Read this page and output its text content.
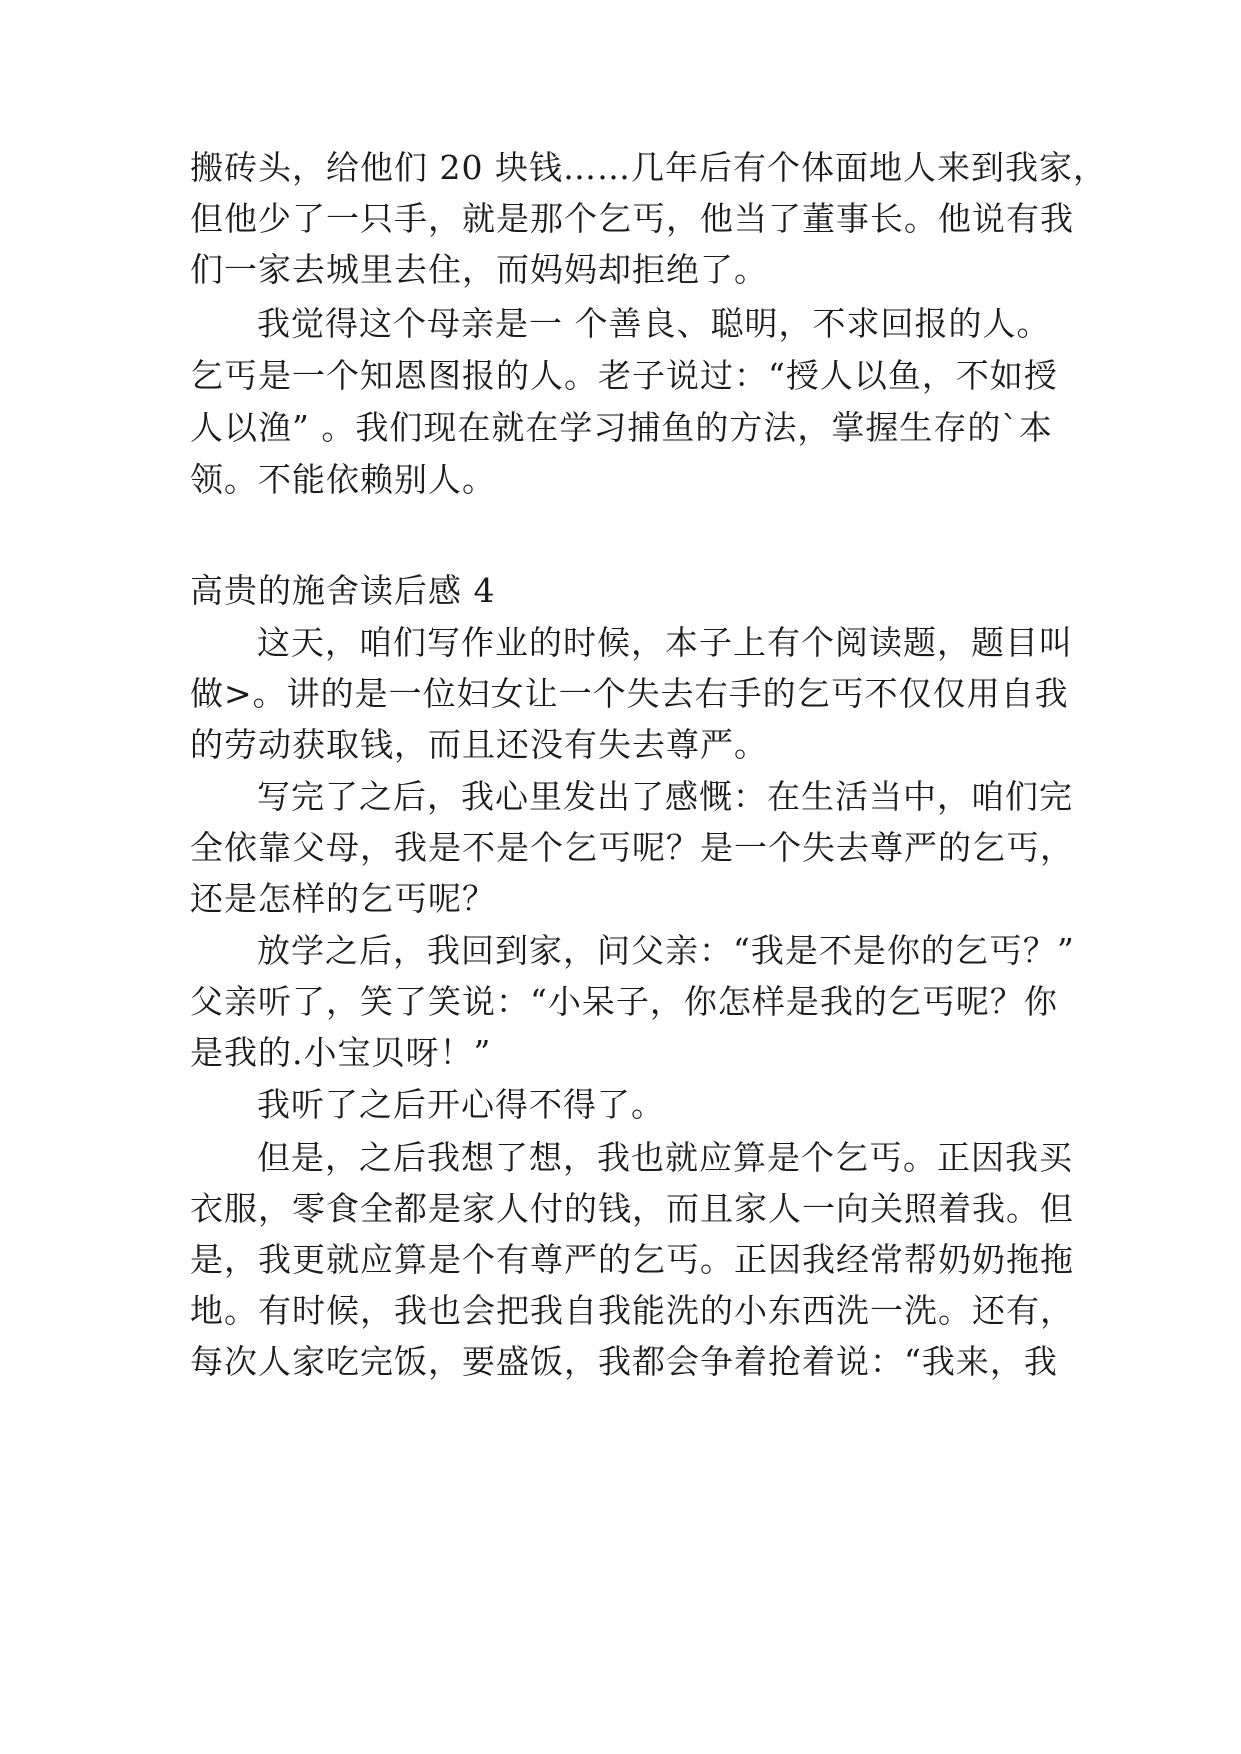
搬砖头，给他们 20 块钱……几年后有个体面地人来到我家，
但他少了一只手，就是那个乞丐，他当了董事长。他说有我
们一家去城里去住，而妈妈却拒绝了。
我觉得这个母亲是一 个善良、聪明，不求回报的人。
乞丐是一个知恩图报的人。老子说过：“授人以鱼，不如授
人以渔” 。我们现在就在学习捕鱼的方法，掌握生存的`本
领。不能依赖别人。
高贵的施舍读后感 4
这天，咱们写作业的时候，本子上有个阅读题，题目叫
做>。讲的是一位妇女让一个失去右手的乞丐不仅仅用自我
的劳动获取钱，而且还没有失去尊严。
写完了之后，我心里发出了感慨：在生活当中，咱们完
全依靠父母，我是不是个乞丐呢？是一个失去尊严的乞丐，
还是怎样的乞丐呢？
放学之后，我回到家，问父亲：“我是不是你的乞丐？”
父亲听了，笑了笑说：“小呆子，你怎样是我的乞丐呢？你
是我的.小宝贝呀！”
我听了之后开心得不得了。
但是，之后我想了想，我也就应算是个乞丐。正因我买
衣服，零食全都是家人付的钱，而且家人一向关照着我。但
是，我更就应算是个有尊严的乞丐。正因我经常帮奶奶拖拖
地。有时候，我也会把我自我能洗的小东西洗一洗。还有，
每次人家吃完饭，要盛饭，我都会争着抢着说：“我来，我
